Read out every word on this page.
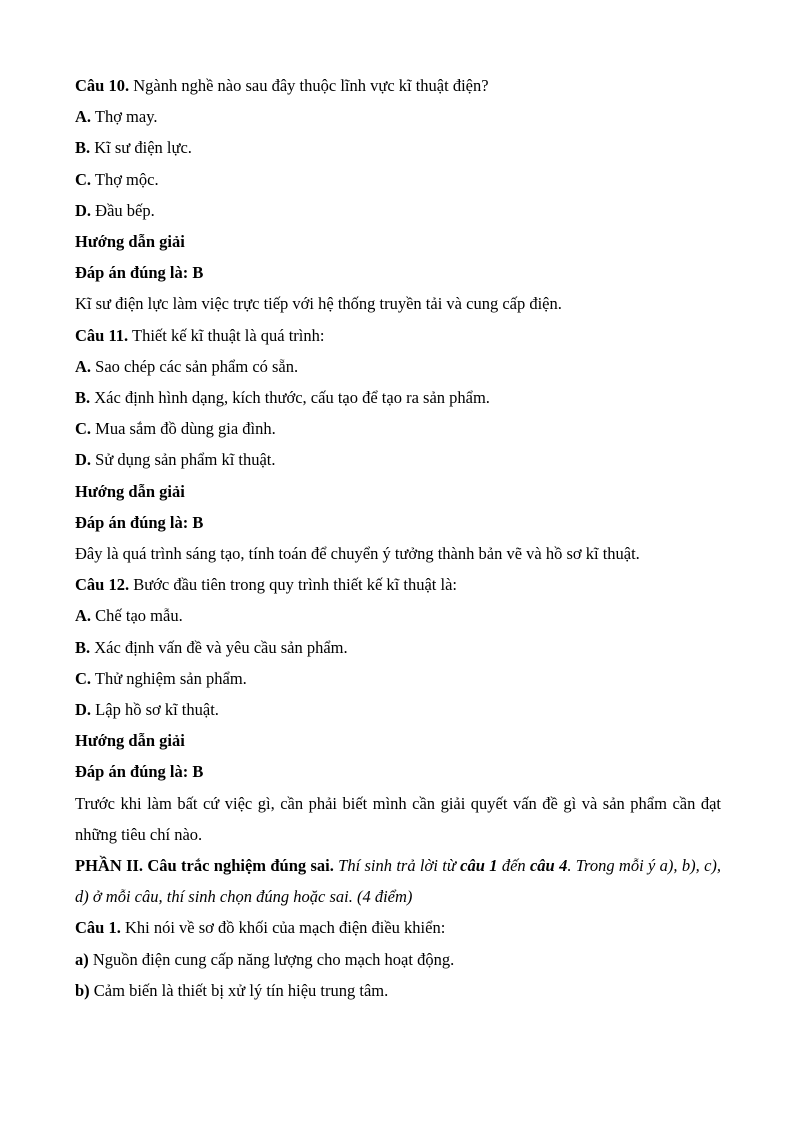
Câu 10. Ngành nghề nào sau đây thuộc lĩnh vực kĩ thuật điện?

A. Thợ may.

B. Kĩ sư điện lực.

C. Thợ mộc.

D. Đầu bếp.

Hướng dẫn giải

Đáp án đúng là: B

Kĩ sư điện lực làm việc trực tiếp với hệ thống truyền tải và cung cấp điện.

Câu 11. Thiết kế kĩ thuật là quá trình:

A. Sao chép các sản phẩm có sẵn.

B. Xác định hình dạng, kích thước, cấu tạo để tạo ra sản phẩm.

C. Mua sắm đồ dùng gia đình.

D. Sử dụng sản phẩm kĩ thuật.

Hướng dẫn giải

Đáp án đúng là: B

Đây là quá trình sáng tạo, tính toán để chuyển ý tưởng thành bản vẽ và hồ sơ kĩ thuật.

Câu 12. Bước đầu tiên trong quy trình thiết kế kĩ thuật là:

A. Chế tạo mẫu.

B. Xác định vấn đề và yêu cầu sản phẩm.

C. Thử nghiệm sản phẩm.

D. Lập hồ sơ kĩ thuật.

Hướng dẫn giải

Đáp án đúng là: B

Trước khi làm bất cứ việc gì, cần phải biết mình cần giải quyết vấn đề gì và sản phẩm cần đạt những tiêu chí nào.

PHẦN II. Câu trắc nghiệm đúng sai. Thí sinh trả lời từ câu 1 đến câu 4. Trong mỗi ý a), b), c), d) ở mỗi câu, thí sinh chọn đúng hoặc sai. (4 điểm)

Câu 1. Khi nói về sơ đồ khối của mạch điện điều khiển:

a) Nguồn điện cung cấp năng lượng cho mạch hoạt động.

b) Cảm biến là thiết bị xử lý tín hiệu trung tâm.
